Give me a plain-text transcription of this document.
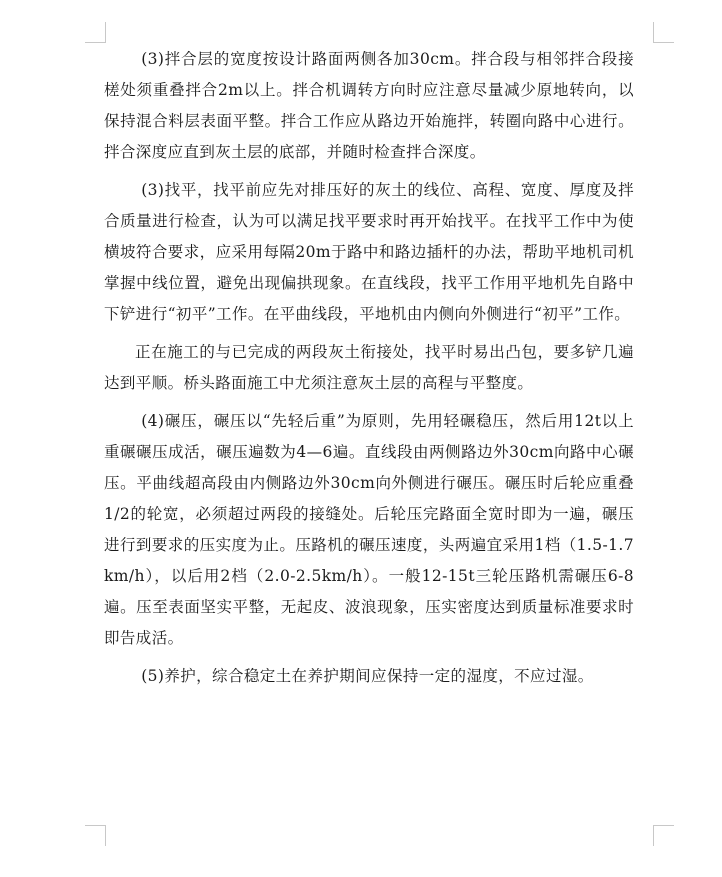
(3)拌合层的宽度按设计路面两侧各加30cm。拌合段与相邻拌合段接槎处须重叠拌合2m以上。拌合机调转方向时应注意尽量减少原地转向，以保持混合料层表面平整。拌合工作应从路边开始施拌，转圈向路中心进行。拌合深度应直到灰土层的底部，并随时检查拌合深度。

(3)找平，找平前应先对排压好的灰土的线位、高程、宽度、厚度及拌合质量进行检查，认为可以满足找平要求时再开始找平。在找平工作中为使横坡符合要求，应采用每隔20m于路中和路边插杆的办法，帮助平地机司机掌握中线位置，避免出现偏拱现象。在直线段，找平工作用平地机先自路中下铲进行“初平”工作。在平曲线段，平地机由内侧向外侧进行“初平”工作。

正在施工的与已完成的两段灰土衔接处，找平时易出凸包，要多铲几遍达到平顺。桥头路面施工中尤须注意灰土层的高程与平整度。

(4)碾压，碾压以“先轻后重”为原则，先用轻碾稳压，然后用12t以上重碾碾压成活，碾压遍数为4—6遍。直线段由两侧路边外30cm向路中心碾压。平曲线超高段由内侧路边外30cm向外侧进行碾压。碾压时后轮应重叠1/2的轮宽，必须超过两段的接缝处。后轮压完路面全宽时即为一遍，碾压进行到要求的压实度为止。压路机的碾压速度，头两遍宜采用1档（1.5-1.7km/h），以后用2档（2.0-2.5km/h）。一般12-15t三轮压路机需碾压6-8遍。压至表面坚实平整，无起皮、波浪现象，压实密度达到质量标准要求时即告成活。

(5)养护，综合稳定土在养护期间应保持一定的湿度，不应过湿。
